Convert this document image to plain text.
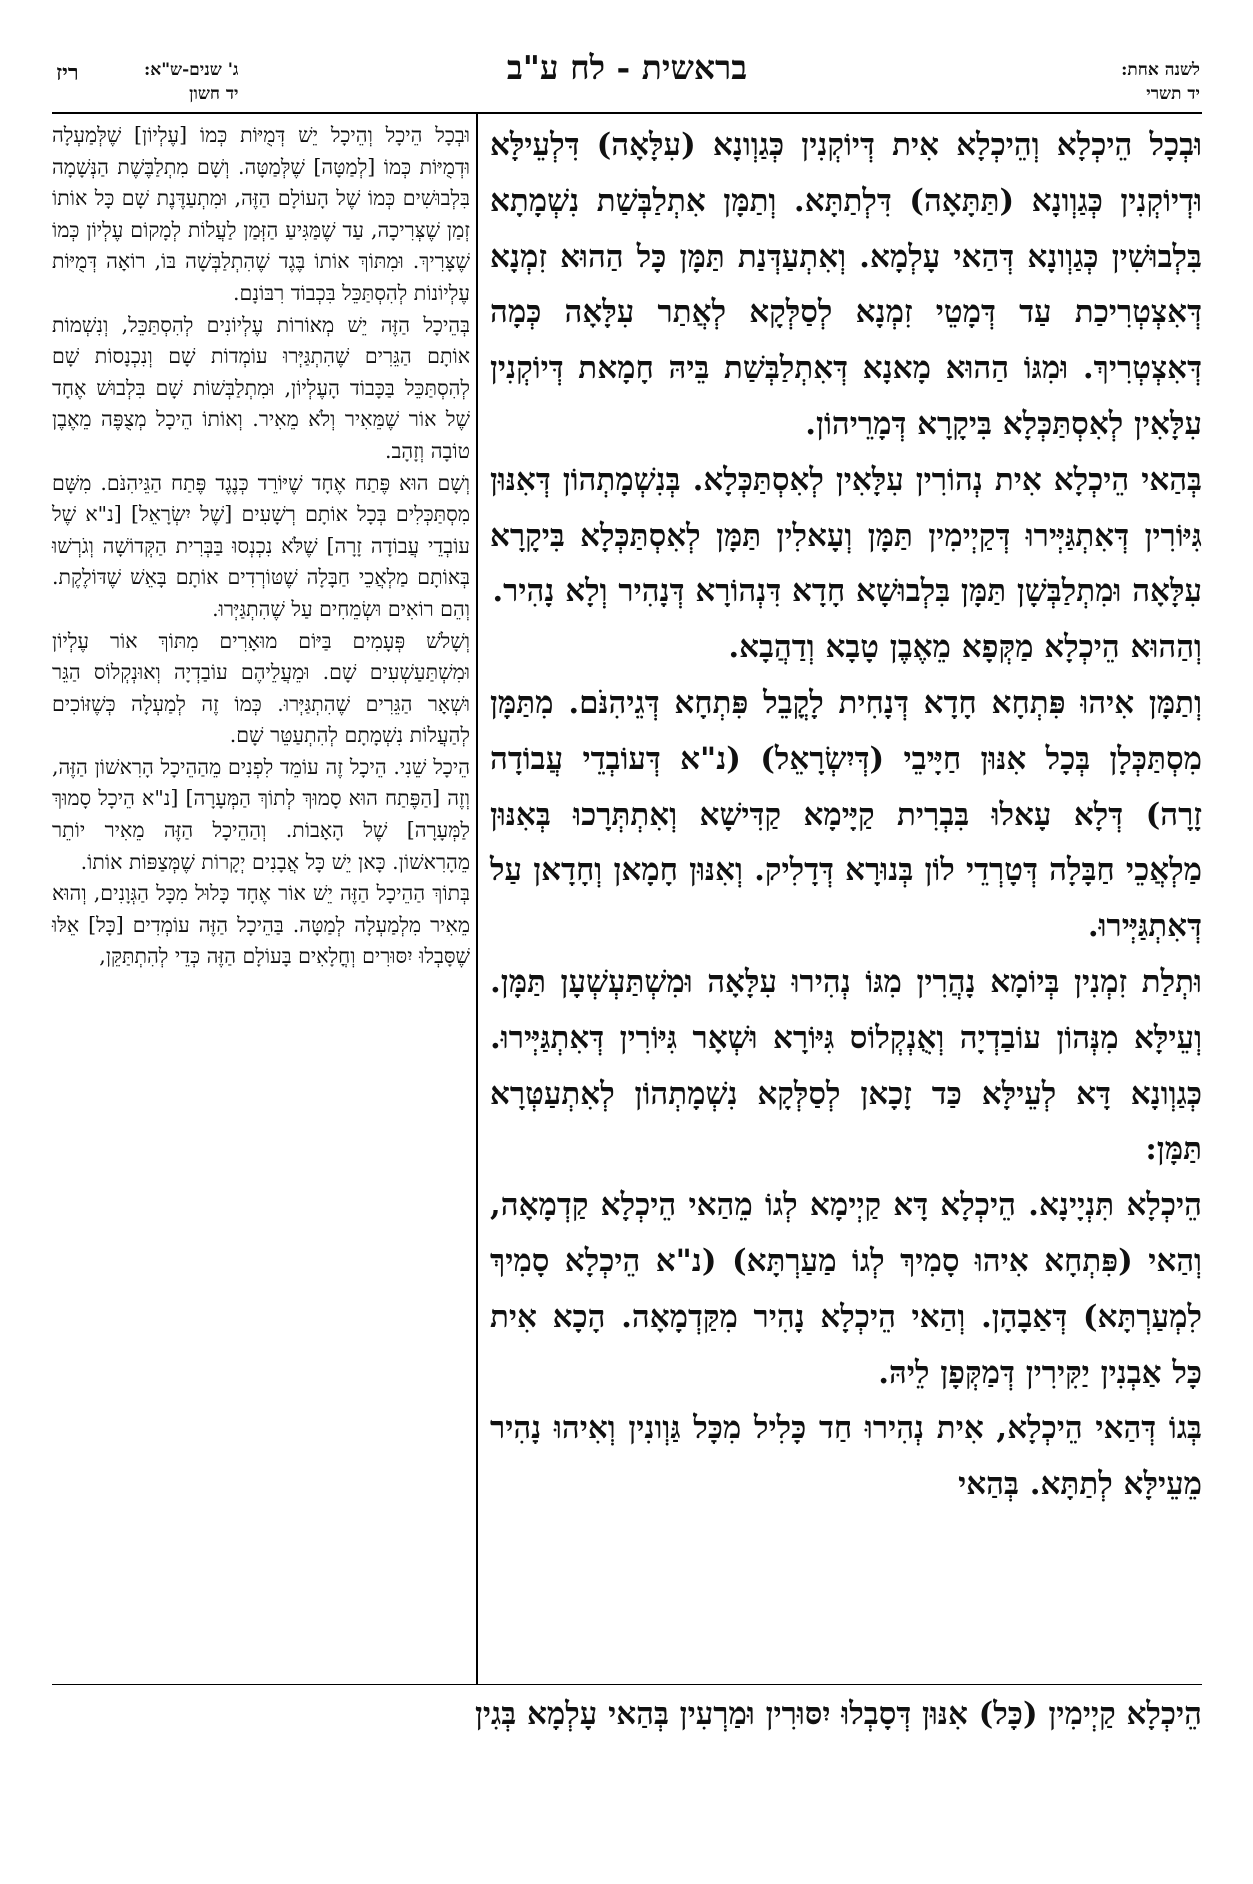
לשנה אחת:
יד תשרי
בראשית - לח ע"ב
ג' שנים-ש"א:
יד חשון
ריז

וּבְכָל הֵיכְלָא וְהֵיכְלָא אִית דְּיוֹקְנִין כְּגַוְונָא (עִלָּאָה) דִּלְעֵילָּא וּדְיוֹקְנִין כְּגַוְונָא (תַּתָּאָה) דִּלְתַתָּא. וְתַמָּן אִתְלַבְּשַׁת נִשְׁמָתָא בִּלְבוּשִׁין כְּגַוְונָא דְּהַאי עָלְמָא. וְאִתְעַדְּנַת תַּמָּן כָּל הַהוּא זִמְנָא דְּאִצְטְרִיכַת עַד דְּמָטֵי זִמְנָא לְסַלְּקָא לְאֲתַר עִלָּאָה כְּמָה דְּאִצְטְרִיךְ. וּמִגּוֹ הַהוּא מָאנָא דְּאִתְלַבְּשַׁת בֵּיהּ חָמָאת דְּיוֹקְנִין עִלָּאִין לְאִסְתַּכְּלָא בִּיקָרָא דְּמָרֵיהוֹן.

בְּהַאי הֵיכְלָא אִית נְהוֹרִין עִלָּאִין לְאִסְתַּכְּלָא. בְּנִשְׁמָתְהוֹן דְּאִנּוּן גִּיּוֹרִין דְּאִתְגַּיְּירוּ דְּקַיְימִין תַּמָּן וְעָאלִין תַּמָּן לְאִסְתַּכְּלָא בִּיקָרָא עִלָּאָה וּמִתְלַבְּשָׁן תַּמָּן בִּלְבוּשָׁא חָדָא דִּנְהוֹרָא דְּנָהִיר וְלָא נָהִיר.

וְהַהוּא הֵיכְלָא מַקְּפָא מֵאֶבֶן טָבָא וְדַהֲבָא.

וְתַמָּן אִיהוּ פִּתְחָא חָדָא דְּנָחִית לָקֳבֵל פִּתְחָא דְּגֵיהִנֹּם. מִתַּמָּן מִסְתַּכְּלָן בְּכָל אִנּוּן חַיָּיבֵי (דְּיִשְׂרָאֵל) (נ"א דְּעוֹבְדֵי עֲבוֹדָה זָרָה) דְּלָא עָאלוּ בִּבְרִית קַיָּימָא קַדִּישָׁא וְאִתְתְּרָכוּ בְּאִנּוּן מַלְאֲכֵי חַבָּלָה דְּטָרְדֵי לוֹן בְּנוּרָא דְּדָלִיק. וְאִנּוּן חָמָאן וְחָדָאן עַל דְּאִתְגַּיְּירוּ.

וּתְלַת זִמְנִין בְּיוֹמָא נָהֲרִין מִגּוֹ נְהִירוּ עִלָּאָה וּמִשְׁתַּעְשְׁעָן תַּמָּן. וְעֵילָּא מִנְּהוֹן עוֹבַדְיָה וְאֻנְקְלוֹס גִּיּוֹרָא וּשְׁאָר גִּיּוֹרִין דְּאִתְגַּיְּירוּ. כְּגַוְונָא דָּא לְעֵילָּא כַּד זָכָאן לְסַלְּקָא נִשְׁמָתְהוֹן לְאִתְעַטְּרָא תַּמָּן:

הֵיכְלָא תִּנְיָינָא. הֵיכְלָא דָּא קַיְימָא לְגוֹ מֵהַאי הֵיכְלָא קַדְמָאָה, וְהַאי (פִּתְחָא אִיהוּ סָמִיךְ לְגוֹ מַעַרְתָּא) (נ"א הֵיכְלָא סָמִיךְ לִמְעַרְתָּא) דְּאַבָהָן. וְהַאי הֵיכְלָא נָהִיר מִקַּדְמָאָה. הָכָא אִית כָּל אַבְנִין יַקִּירִין דְּמַקְּפָן לֵיהּ.

בְּגוֹ דְּהַאי הֵיכְלָא, אִית נְהִירוּ חַד כָּלִיל מִכָּל גַּוְונִין וְאִיהוּ נָהִיר מֵעֵילָּא לְתַתָּא. בְּהַאי

וּבְכָל הֵיכָל וְהֵיכָל יֵשׁ דְּמֻיּוֹת כְּמוֹ [עֶלְיוֹן] שֶׁלְּמַעְלָה וּדְמֻיּוֹת כְּמוֹ [לְמַטָּה] שֶׁלְּמַטָּה. וְשָׁם מִתְלַבֶּשֶׁת הַנְּשָׁמָה בִּלְבוּשִׁים כְּמוֹ שֶׁל הָעוֹלָם הַזֶּה, וּמִתְעַדֶּנֶת שָׁם כָּל אוֹתוֹ זְמַן שֶׁצְּרִיכָה, עַד שֶׁמַּגִּיעַ הַזְּמַן לַעֲלוֹת לְמָקוֹם עֶלְיוֹן כְּמוֹ שֶׁצָּרִיךְ. וּמִתּוֹךְ אוֹתוֹ בֶּגֶד שֶׁהִתְלַבְּשָׁה בּוֹ, רוֹאָה דְּמֻיּוֹת עֶלְיוֹנוֹת לְהִסְתַּכֵּל בִּכְבוֹד רִבּוֹנָם.

בְּהֵיכָל הַזֶּה יֵשׁ מְאוֹרוֹת עֶלְיוֹנִים לְהִסְתַּכֵּל, וְנִשְׁמוֹת אוֹתָם הַגֵּרִים שֶׁהִתְגַּיְּרוּ עוֹמְדוֹת שָׁם וְנִכְנָסוֹת שָׁם לְהִסְתַּכֵּל בַּכָּבוֹד הָעֶלְיוֹן, וּמִתְלַבְּשׁוֹת שָׁם בִּלְבוּשׁ אֶחָד שֶׁל אוֹר שֶׁמֵּאִיר וְלֹא מֵאִיר. וְאוֹתוֹ הֵיכָל מְצֻפֶּה מֵאֶבֶן טוֹבָה וְזָהָב.

וְשָׁם הוּא פֶּתַח אֶחָד שֶׁיּוֹרֵד כְּנֶגֶד פֶּתַח הַגֵּיהִנֹּם. מִשָּׁם מִסְתַּכְּלִים בְּכָל אוֹתָם רְשָׁעִים [שֶׁל יִשְׂרָאֵל] [נ"א שֶׁל עוֹבְדֵי עֲבוֹדָה זָרָה] שֶׁלֹּא נִכְנְסוּ בַּבְּרִית הַקְּדוֹשָׁה וְגֹרְשׁוּ בְּאוֹתָם מַלְאֲכֵי חַבָּלָה שֶׁטּוֹרְדִים אוֹתָם בָּאֵשׁ שֶׁדּוֹלֶקֶת. וְהֵם רוֹאִים וּשְׂמֵחִים עַל שֶׁהִתְגַּיְּרוּ.

וְשָׁלֹשׁ פְּעָמִים בַּיּוֹם מוּאָרִים מִתּוֹךְ אוֹר עֶלְיוֹן וּמִשְׁתַּעַשְׁעִים שָׁם. וּמֵעֲלֵיהֶם עוֹבַדְיָה וְאוּנְקְלוֹס הַגֵּר וּשְׁאָר הַגֵּרִים שֶׁהִתְגַּיְּרוּ. כְּמוֹ זֶה לְמַעְלָה כְּשֶׁזּוֹכִים לְהַעֲלוֹת נִשְׁמָתָם לְהִתְעַטֵּר שָׁם.

הֵיכָל שֵׁנִי. הֵיכָל זֶה עוֹמֵד לִפְנִים מֵהַהֵיכָל הָרִאשׁוֹן הַזֶּה, וְזֶה [הַפֶּתַח הוּא סָמוּךְ לְתוֹךְ הַמְּעָרָה] [נ"א הֵיכָל סָמוּךְ לַמְּעָרָה] שֶׁל הָאָבוֹת. וְהַהֵיכָל הַזֶּה מֵאִיר יוֹתֵר מֵהָרִאשׁוֹן. כָּאן יֵשׁ כָּל אֲבָנִים יְקָרוֹת שֶׁמְּצַפּוֹת אוֹתוֹ.

בְּתוֹךְ הַהֵיכָל הַזֶּה יֵשׁ אוֹר אֶחָד כָּלוּל מִכָּל הַגְּוָנִים, וְהוּא מֵאִיר מִלְמַעְלָה לְמַטָּה. בַּהֵיכָל הַזֶּה עוֹמְדִים [כָּל] אֵלּוּ שֶׁסָּבְלוּ יִסּוּרִים וְחֳלָאִים בָּעוֹלָם הַזֶּה כְּדֵי לְהִתְתַּקֵּן,

הֵיכְלָא קַיְימִין (כָּל) אִנּוּן דְּסָבְלוּ יִסּוּרִין וּמַרְעִין בְּהַאי עָלְמָא בְּגִין
